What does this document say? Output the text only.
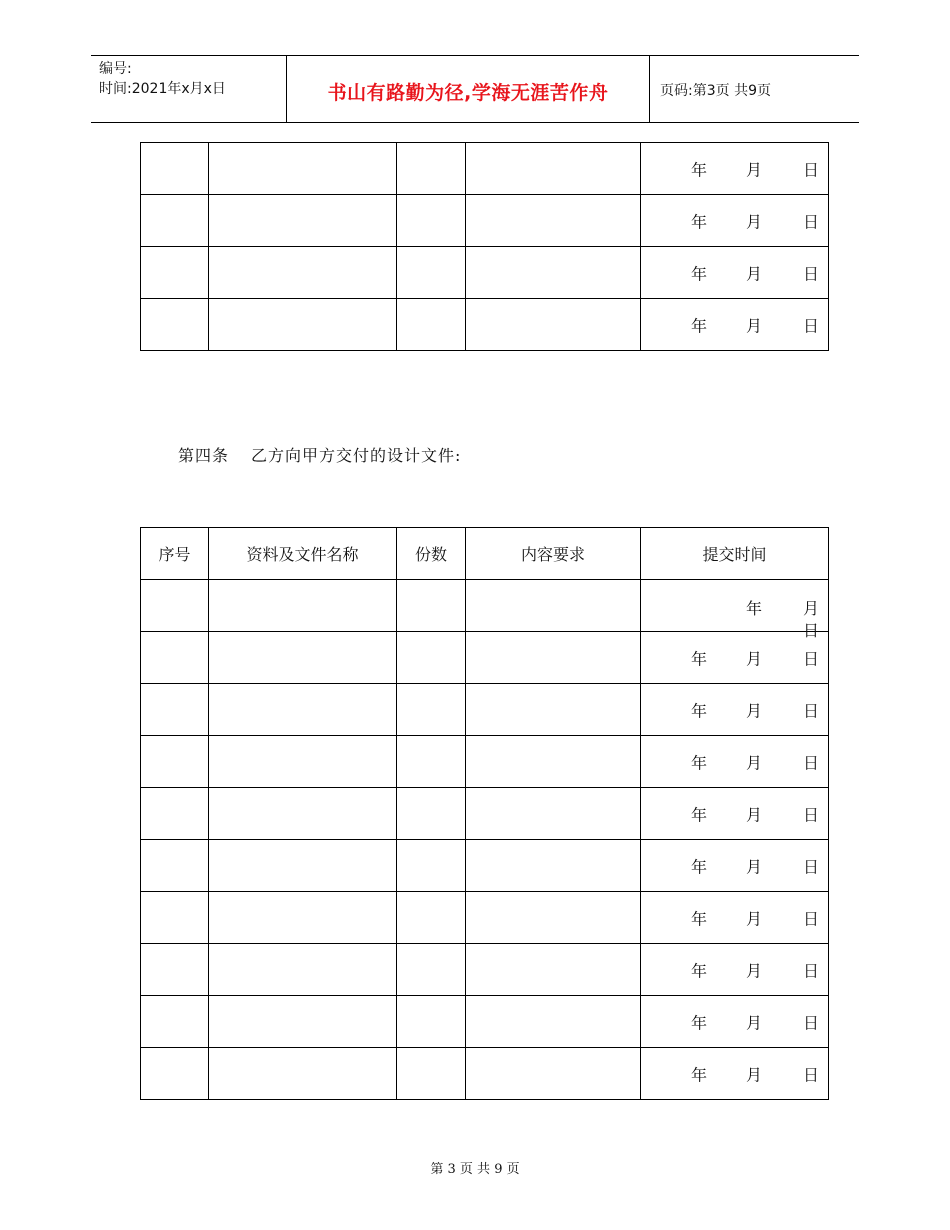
编号:
时间:2021年x月x日	书山有路勤为径,学海无涯苦作舟	页码:第3页 共9页

				年 月 日

				年 月 日

				年 月 日

				年 月 日
第四条 乙方向甲方交付的设计文件:
序号	资料及文件名称	份数	内容要求	提交时间

				年 月
日

				年 月 日

				年 月 日

				年 月 日

				年 月 日

				年 月 日

				年 月 日

				年 月 日

				年 月 日

				年 月 日
第 3 页 共 9 页
